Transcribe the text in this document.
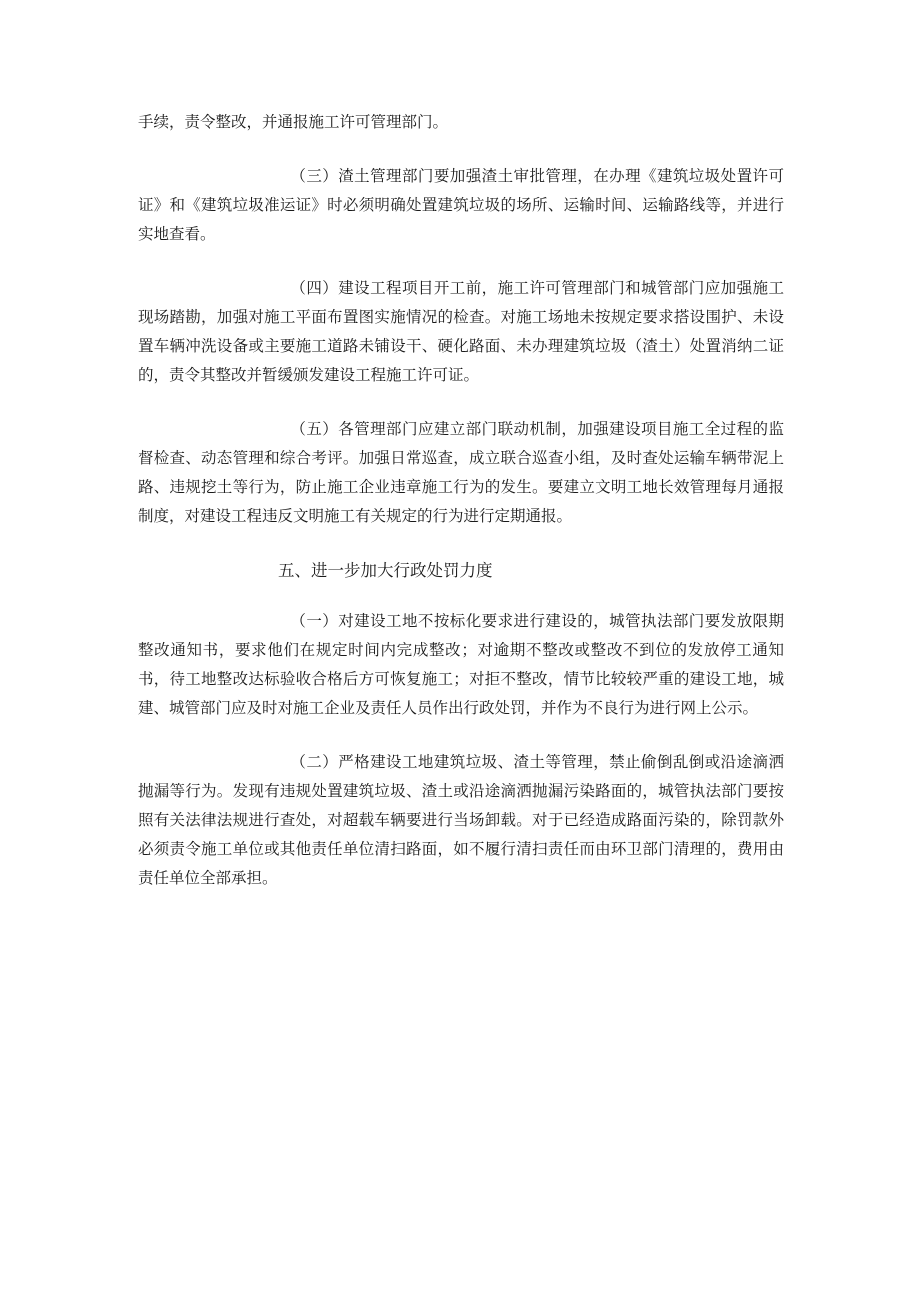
手续，责令整改，并通报施工许可管理部门。

（三）渣土管理部门要加强渣土审批管理，在办理《建筑垃圾处置许可证》和《建筑垃圾准运证》时必须明确处置建筑垃圾的场所、运输时间、运输路线等，并进行实地查看。

（四）建设工程项目开工前，施工许可管理部门和城管部门应加强施工现场踏勘，加强对施工平面布置图实施情况的检查。对施工场地未按规定要求搭设围护、未设置车辆冲洗设备或主要施工道路未铺设干、硬化路面、未办理建筑垃圾（渣土）处置消纳二证的，责令其整改并暂缓颁发建设工程施工许可证。

（五）各管理部门应建立部门联动机制，加强建设项目施工全过程的监督检查、动态管理和综合考评。加强日常巡查，成立联合巡查小组，及时查处运输车辆带泥上路、违规挖土等行为，防止施工企业违章施工行为的发生。要建立文明工地长效管理每月通报制度，对建设工程违反文明施工有关规定的行为进行定期通报。

五、进一步加大行政处罚力度

（一）对建设工地不按标化要求进行建设的，城管执法部门要发放限期整改通知书，要求他们在规定时间内完成整改；对逾期不整改或整改不到位的发放停工通知书，待工地整改达标验收合格后方可恢复施工；对拒不整改，情节比较较严重的建设工地，城建、城管部门应及时对施工企业及责任人员作出行政处罚，并作为不良行为进行网上公示。

（二）严格建设工地建筑垃圾、渣土等管理，禁止偷倒乱倒或沿途滴洒抛漏等行为。发现有违规处置建筑垃圾、渣土或沿途滴洒抛漏污染路面的，城管执法部门要按照有关法律法规进行查处，对超载车辆要进行当场卸载。对于已经造成路面污染的，除罚款外必须责令施工单位或其他责任单位清扫路面，如不履行清扫责任而由环卫部门清理的，费用由责任单位全部承担。
